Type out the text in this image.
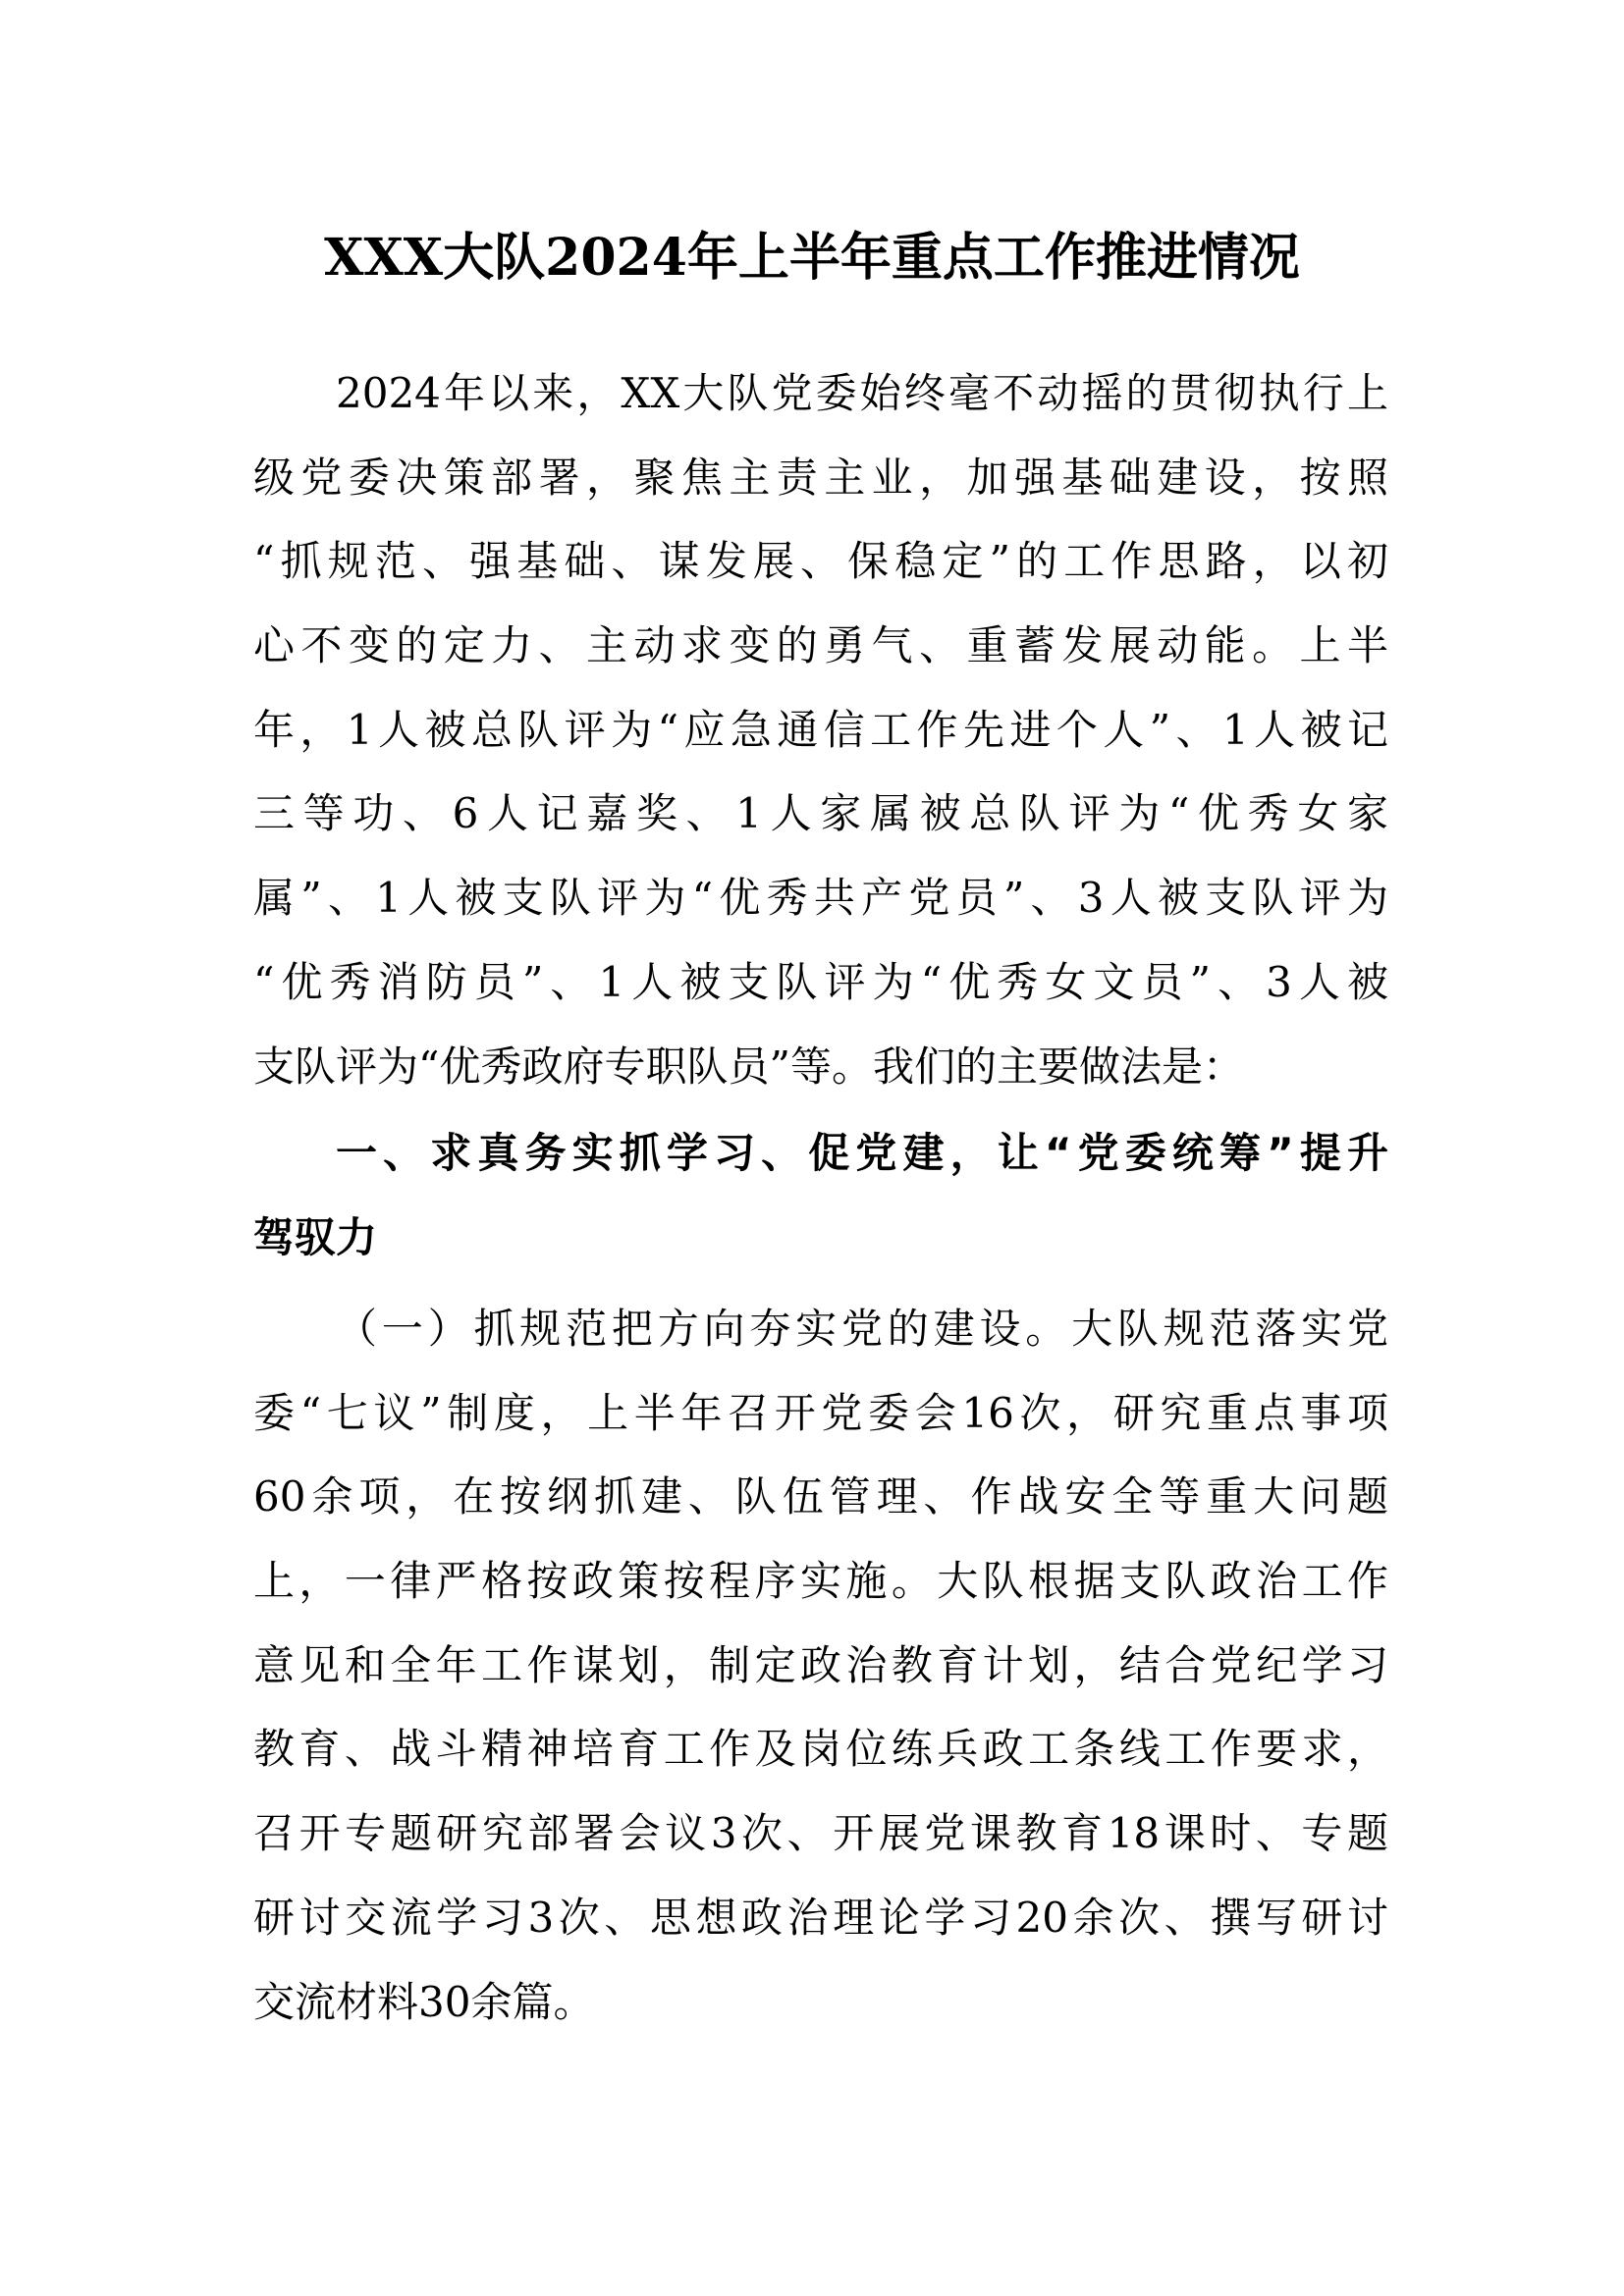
XXX大队2024年上半年重点工作推进情况
2024年以来，XX大队党委始终毫不动摇的贯彻执行上
级党委决策部署，聚焦主责主业，加强基础建设，按照
“抓规范、强基础、谋发展、保稳定”的工作思路，以初
心不变的定力、主动求变的勇气、重蓄发展动能。上半
年，1人被总队评为“应急通信工作先进个人”、1人被记
三等功、6人记嘉奖、1人家属被总队评为“优秀女家
属”、1人被支队评为“优秀共产党员”、3人被支队评为
“优秀消防员”、1人被支队评为“优秀女文员”、3人被
支队评为“优秀政府专职队员”等。我们的主要做法是：
一、求真务实抓学习、促党建，让“党委统筹”提升
驾驭力
（一）抓规范把方向夯实党的建设。大队规范落实党
委“七议”制度，上半年召开党委会16次，研究重点事项
60余项，在按纲抓建、队伍管理、作战安全等重大问题
上，一律严格按政策按程序实施。大队根据支队政治工作
意见和全年工作谋划，制定政治教育计划，结合党纪学习
教育、战斗精神培育工作及岗位练兵政工条线工作要求，
召开专题研究部署会议3次、开展党课教育18课时、专题
研讨交流学习3次、思想政治理论学习20余次、撰写研讨
交流材料30余篇。
